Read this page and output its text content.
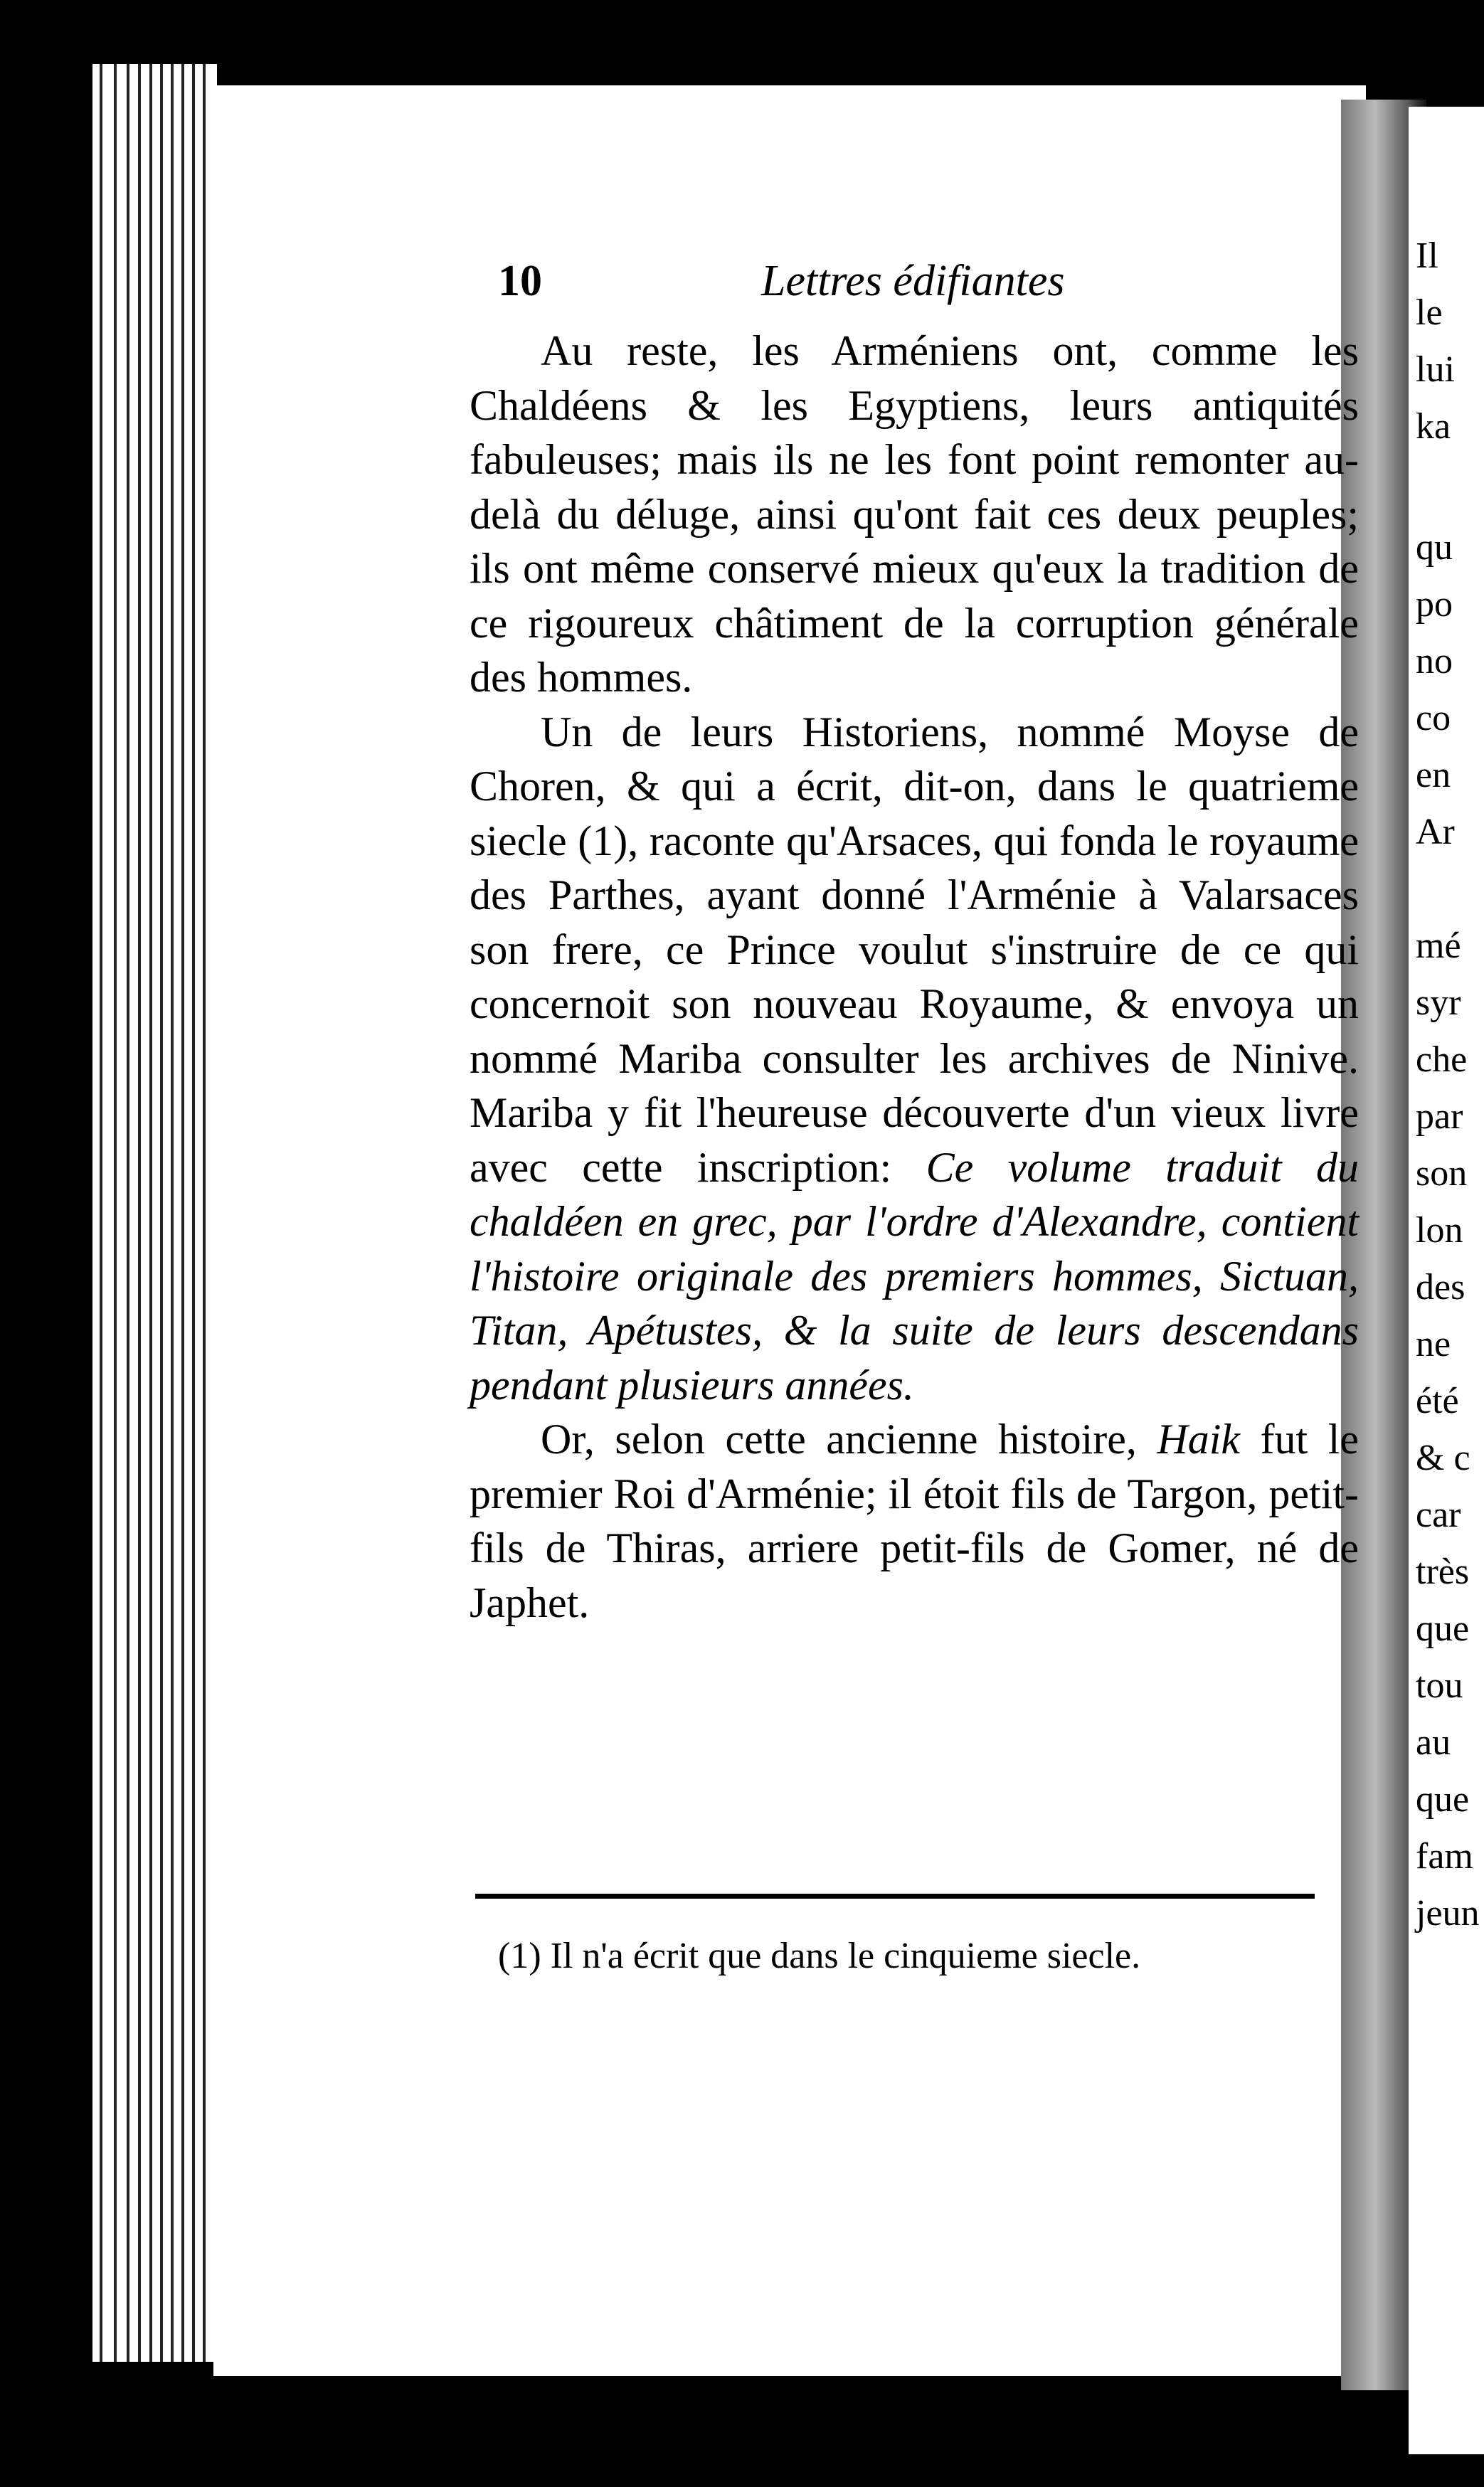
Il
le
lui
ka
qu
po
no
co
en
Ar
mé
syr
che
par
son
lon
des
ne
été
& c
car
très
que
tou
au
que
fam
jeun
10	Lettres édifiantes

Au reste, les Arméniens ont, comme les Chaldéens & les Egyptiens, leurs antiquités fabuleuses; mais ils ne les font point remonter au-delà du déluge, ainsi qu'ont fait ces deux peuples; ils ont même conservé mieux qu'eux la tradition de ce rigoureux châtiment de la corruption générale des hommes.

Un de leurs Historiens, nommé Moyse de Choren, & qui a écrit, dit-on, dans le quatrieme siecle (1), raconte qu'Arsaces, qui fonda le royaume des Parthes, ayant donné l'Arménie à Valarsaces son frere, ce Prince voulut s'instruire de ce qui concernoit son nouveau Royaume, & envoya un nommé Mariba consulter les archives de Ninive. Mariba y fit l'heureuse découverte d'un vieux livre avec cette inscription: Ce volume traduit du chaldéen en grec, par l'ordre d'Alexandre, contient l'histoire originale des premiers hommes, Sictuan, Titan, Apétustes, & la suite de leurs descendans pendant plusieurs années.

Or, selon cette ancienne histoire, Haik fut le premier Roi d'Arménie; il étoit fils de Targon, petit-fils de Thiras, arriere petit-fils de Gomer, né de Japhet.

(1) Il n'a écrit que dans le cinquieme siecle.
